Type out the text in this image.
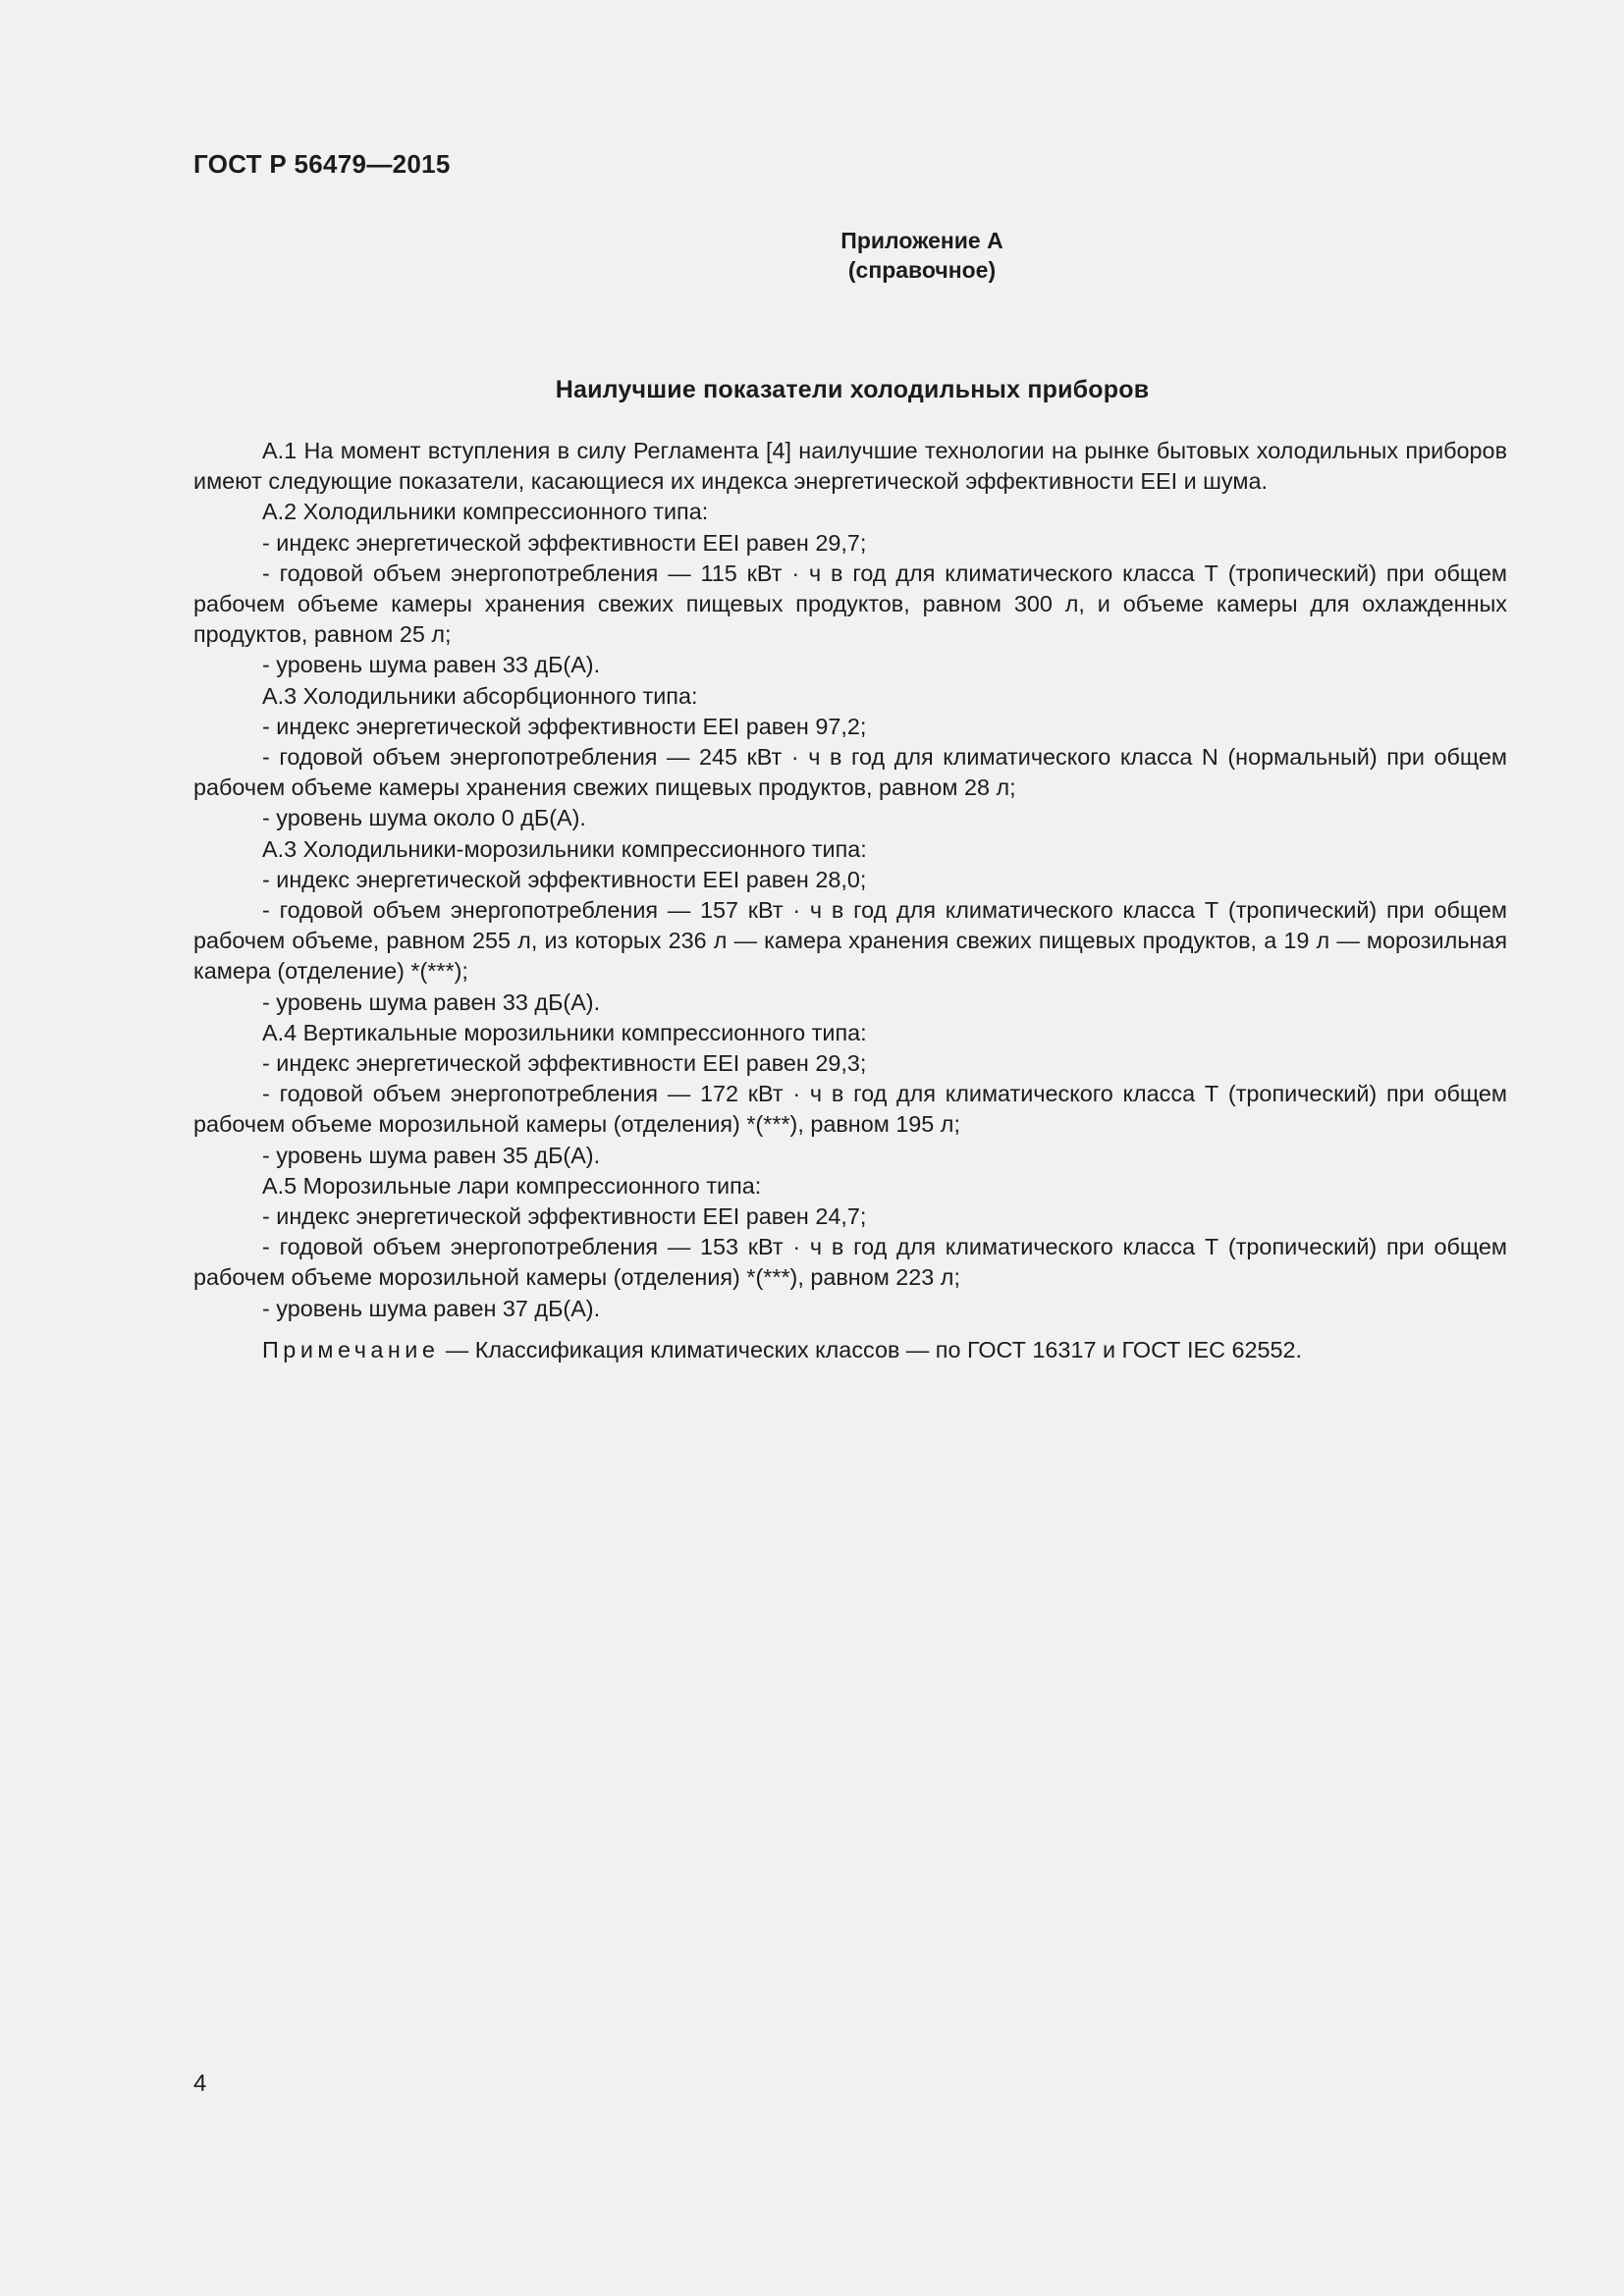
ГОСТ Р 56479—2015
Приложение А
(справочное)
Наилучшие показатели холодильных приборов

А.1 На момент вступления в силу Регламента [4] наилучшие технологии на рынке бытовых холодильных приборов имеют следующие показатели, касающиеся их индекса энергетической эффективности EEI и шума.

А.2 Холодильники компрессионного типа:

- индекс энергетической эффективности EEI равен 29,7;

- годовой объем энергопотребления — 115 кВт · ч в год для климатического класса Т (тропический) при общем рабочем объеме камеры хранения свежих пищевых продуктов, равном 300 л, и объеме камеры для охлажденных продуктов, равном 25 л;

- уровень шума равен 33 дБ(А).

А.3 Холодильники абсорбционного типа:

- индекс энергетической эффективности EEI равен 97,2;

- годовой объем энергопотребления — 245 кВт · ч в год для климатического класса N (нормальный) при общем рабочем объеме камеры хранения свежих пищевых продуктов, равном 28 л;

- уровень шума около 0 дБ(А).

А.3 Холодильники-морозильники компрессионного типа:

- индекс энергетической эффективности EEI равен 28,0;

- годовой объем энергопотребления — 157 кВт · ч в год для климатического класса Т (тропический) при общем рабочем объеме, равном 255 л, из которых 236 л — камера хранения свежих пищевых продуктов, а 19 л — морозильная камера (отделение) *(***);

- уровень шума равен 33 дБ(А).

А.4 Вертикальные морозильники компрессионного типа:

- индекс энергетической эффективности EEI равен 29,3;

- годовой объем энергопотребления — 172 кВт · ч в год для климатического класса Т (тропический) при общем рабочем объеме морозильной камеры (отделения) *(***), равном 195 л;

- уровень шума равен 35 дБ(А).

А.5 Морозильные лари компрессионного типа:

- индекс энергетической эффективности EEI равен 24,7;

- годовой объем энергопотребления — 153 кВт · ч в год для климатического класса Т (тропический) при общем рабочем объеме морозильной камеры (отделения) *(***), равном 223 л;

- уровень шума равен 37 дБ(А).

Примечание — Классификация климатических классов — по ГОСТ 16317 и ГОСТ IEC 62552.

4
